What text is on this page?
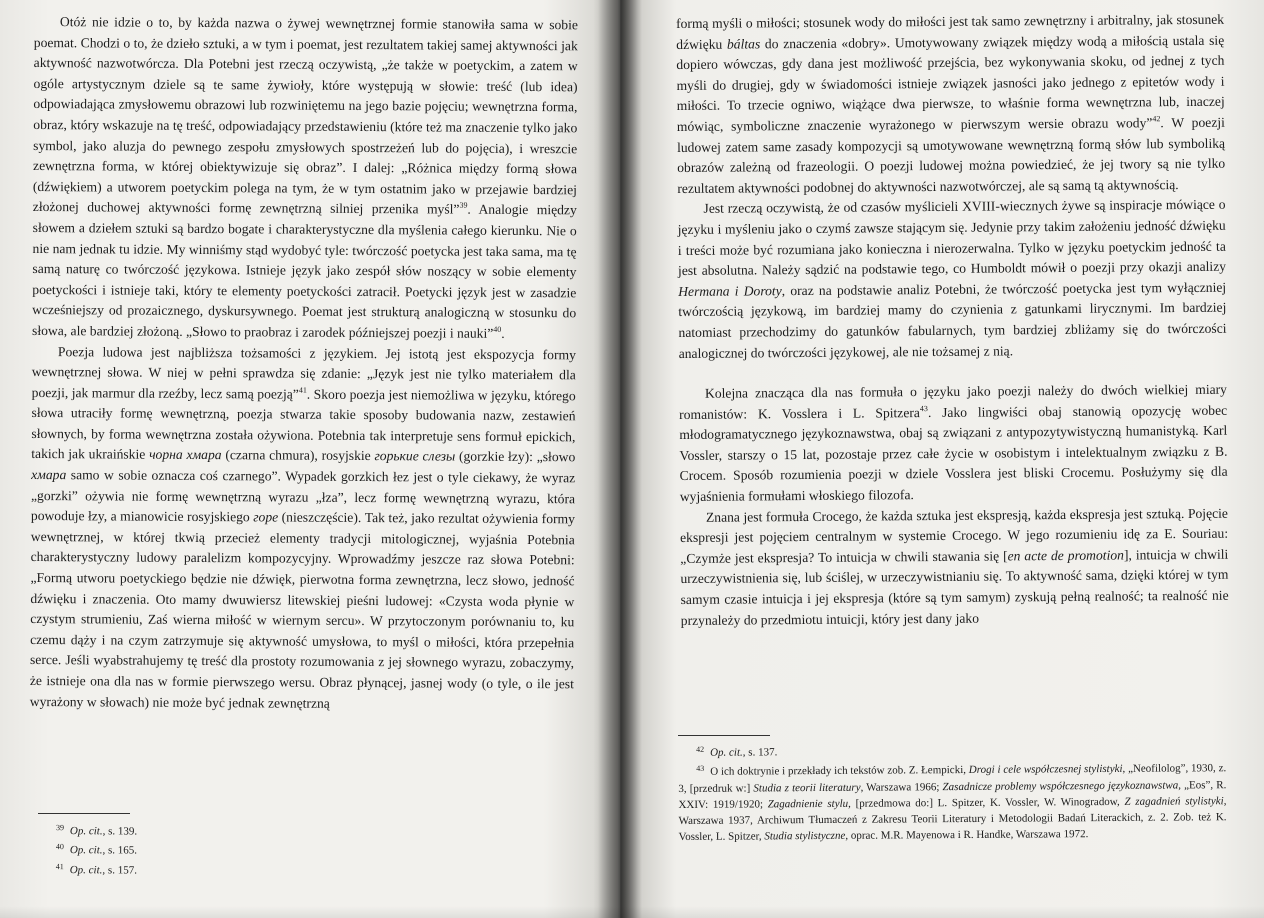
Otóż nie idzie o to, by każda nazwa o żywej wewnętrznej formie stanowiła sama w sobie poemat. Chodzi o to, że dzieło sztuki, a w tym i poemat, jest rezultatem takiej samej aktywności jak aktywność nazwotwórcza. Dla Potebni jest rzeczą oczywistą, „że także w poetyckim, a zatem w ogóle artystycznym dziele są te same żywioły, które występują w słowie: treść (lub idea) odpowiadająca zmysłowemu obrazowi lub rozwiniętemu na jego bazie pojęciu; wewnętrzna forma, obraz, który wskazuje na tę treść, odpowiadający przedstawieniu (które też ma znaczenie tylko jako symbol, jako aluzja do pewnego zespołu zmysłowych spostrzeżeń lub do pojęcia), i wreszcie zewnętrzna forma, w której obiektywizuje się obraz”. I dalej: „Różnica między formą słowa (dźwiękiem) a utworem poetyckim polega na tym, że w tym ostatnim jako w przejawie bardziej złożonej duchowej aktywności formę zewnętrzną silniej przenika myśl”$^{39}$. Analogie między słowem a dziełem sztuki są bardzo bogate i charakterystyczne dla myślenia całego kierunku. Nie o nie nam jednak tu idzie. My winniśmy stąd wydobyć tyle: twórczość poetycka jest taka sama, ma tę samą naturę co twórczość językowa. Istnieje język jako zespół słów noszący w sobie elementy poetyckości i istnieje taki, który te elementy poetyckości zatracił. Poetycki język jest w zasadzie wcześniejszy od prozaicznego, dyskursywnego. Poemat jest strukturą analogiczną w stosunku do słowa, ale bardziej złożoną. „Słowo to praobraz i zarodek późniejszej poezji i nauki”$^{40}$.

Poezja ludowa jest najbliższa tożsamości z językiem. Jej istotą jest ekspozycja formy wewnętrznej słowa. W niej w pełni sprawdza się zdanie: „Język jest nie tylko materiałem dla poezji, jak marmur dla rzeźby, lecz samą poezją”$^{41}$. Skoro poezja jest niemożliwa w języku, którego słowa utraciły formę wewnętrzną, poezja stwarza takie sposoby budowania nazw, zestawień słownych, by forma wewnętrzna została ożywiona. Potebnia tak interpretuje sens formuł epickich, takich jak ukraińskie чорна хмара (czarna chmura), rosyjskie горькие слезы (gorzkie łzy): „słowo хмара samo w sobie oznacza coś czarnego”. Wypadek gorzkich łez jest o tyle ciekawy, że wyraz „gorzki” ożywia nie formę wewnętrzną wyrazu „łza”, lecz formę wewnętrzną wyrazu, która powoduje łzy, a mianowicie rosyjskiego горе (nieszczęście). Tak też, jako rezultat ożywienia formy wewnętrznej, w której tkwią przecież elementy tradycji mitologicznej, wyjaśnia Potebnia charakterystyczny ludowy paralelizm kompozycyjny. Wprowadźmy jeszcze raz słowa Potebni: „Formą utworu poetyckiego będzie nie dźwięk, pierwotna forma zewnętrzna, lecz słowo, jedność dźwięku i znaczenia. Oto mamy dwuwiersz litewskiej pieśni ludowej: «Czysta woda płynie w czystym strumieniu, Zaś wierna miłość w wiernym sercu». W przytoczonym porównaniu to, ku czemu dąży i na czym zatrzymuje się aktywność umysłowa, to myśl o miłości, która przepełnia serce. Jeśli wyabstrahujemy tę treść dla prostoty rozumowania z jej słownego wyrazu, zobaczymy, że istnieje ona dla nas w formie pierwszego wersu. Obraz płynącej, jasnej wody (o tyle, o ile jest wyrażony w słowach) nie może być jednak zewnętrzną

$^{39}$ Op. cit., s. 139.

$^{40}$ Op. cit., s. 165.

$^{41}$ Op. cit., s. 157.

formą myśli o miłości; stosunek wody do miłości jest tak samo zewnętrzny i arbitralny, jak stosunek dźwięku báltas do znaczenia «dobry». Umotywowany związek między wodą a miłością ustala się dopiero wówczas, gdy dana jest możliwość przejścia, bez wykonywania skoku, od jednej z tych myśli do drugiej, gdy w świadomości istnieje związek jasności jako jednego z epitetów wody i miłości. To trzecie ogniwo, wiążące dwa pierwsze, to właśnie forma wewnętrzna lub, inaczej mówiąc, symboliczne znaczenie wyrażonego w pierwszym wersie obrazu wody”$^{42}$. W poezji ludowej zatem same zasady kompozycji są umotywowane wewnętrzną formą słów lub symboliką obrazów zależną od frazeologii. O poezji ludowej można powiedzieć, że jej twory są nie tylko rezultatem aktywności podobnej do aktywności nazwotwórczej, ale są samą tą aktywnością.

Jest rzeczą oczywistą, że od czasów myślicieli XVIII-wiecznych żywe są inspiracje mówiące o języku i myśleniu jako o czymś zawsze stającym się. Jedynie przy takim założeniu jedność dźwięku i treści może być rozumiana jako konieczna i nierozerwalna. Tylko w języku poetyckim jedność ta jest absolutna. Należy sądzić na podstawie tego, co Humboldt mówił o poezji przy okazji analizy Hermana i Doroty, oraz na podstawie analiz Potebni, że twórczość poetycka jest tym wyłączniej twórczością językową, im bardziej mamy do czynienia z gatunkami lirycznymi. Im bardziej natomiast przechodzimy do gatunków fabularnych, tym bardziej zbliżamy się do twórczości analogicznej do twórczości językowej, ale nie tożsamej z nią.

Kolejna znacząca dla nas formuła o języku jako poezji należy do dwóch wielkiej miary romanistów: K. Vosslera i L. Spitzera$^{43}$. Jako lingwiści obaj stanowią opozycję wobec młodogramatycznego językoznawstwa, obaj są związani z antypozytywistyczną humanistyką. Karl Vossler, starszy o 15 lat, pozostaje przez całe życie w osobistym i intelektualnym związku z B. Crocem. Sposób rozumienia poezji w dziele Vosslera jest bliski Crocemu. Posłużymy się dla wyjaśnienia formułami włoskiego filozofa.

Znana jest formuła Crocego, że każda sztuka jest ekspresją, każda ekspresja jest sztuką. Pojęcie ekspresji jest pojęciem centralnym w systemie Crocego. W jego rozumieniu idę za E. Souriau: „Czymże jest ekspresja? To intuicja w chwili stawania się [en acte de promotion], intuicja w chwili urzeczywistnienia się, lub ściślej, w urzeczywistnianiu się. To aktywność sama, dzięki której w tym samym czasie intuicja i jej ekspresja (które są tym samym) zyskują pełną realność; ta realność nie przynależy do przedmiotu intuicji, który jest dany jako

$^{42}$ Op. cit., s. 137.

$^{43}$ O ich doktrynie i przekłady ich tekstów zob. Z. Łempicki, Drogi i cele współczesnej stylistyki, „Neofilolog”, 1930, z. 3, [przedruk w:] Studia z teorii literatury, Warszawa 1966; Zasadnicze problemy współczesnego językoznawstwa, „Eos”, R. XXIV: 1919/1920; Zagadnienie stylu, [przedmowa do:] L. Spitzer, K. Vossler, W. Winogradow, Z zagadnień stylistyki, Warszawa 1937, Archiwum Tłumaczeń z Zakresu Teorii Literatury i Metodologii Badań Literackich, z. 2. Zob. też K. Vossler, L. Spitzer, Studia stylistyczne, oprac. M.R. Mayenowa i R. Handke, Warszawa 1972.
